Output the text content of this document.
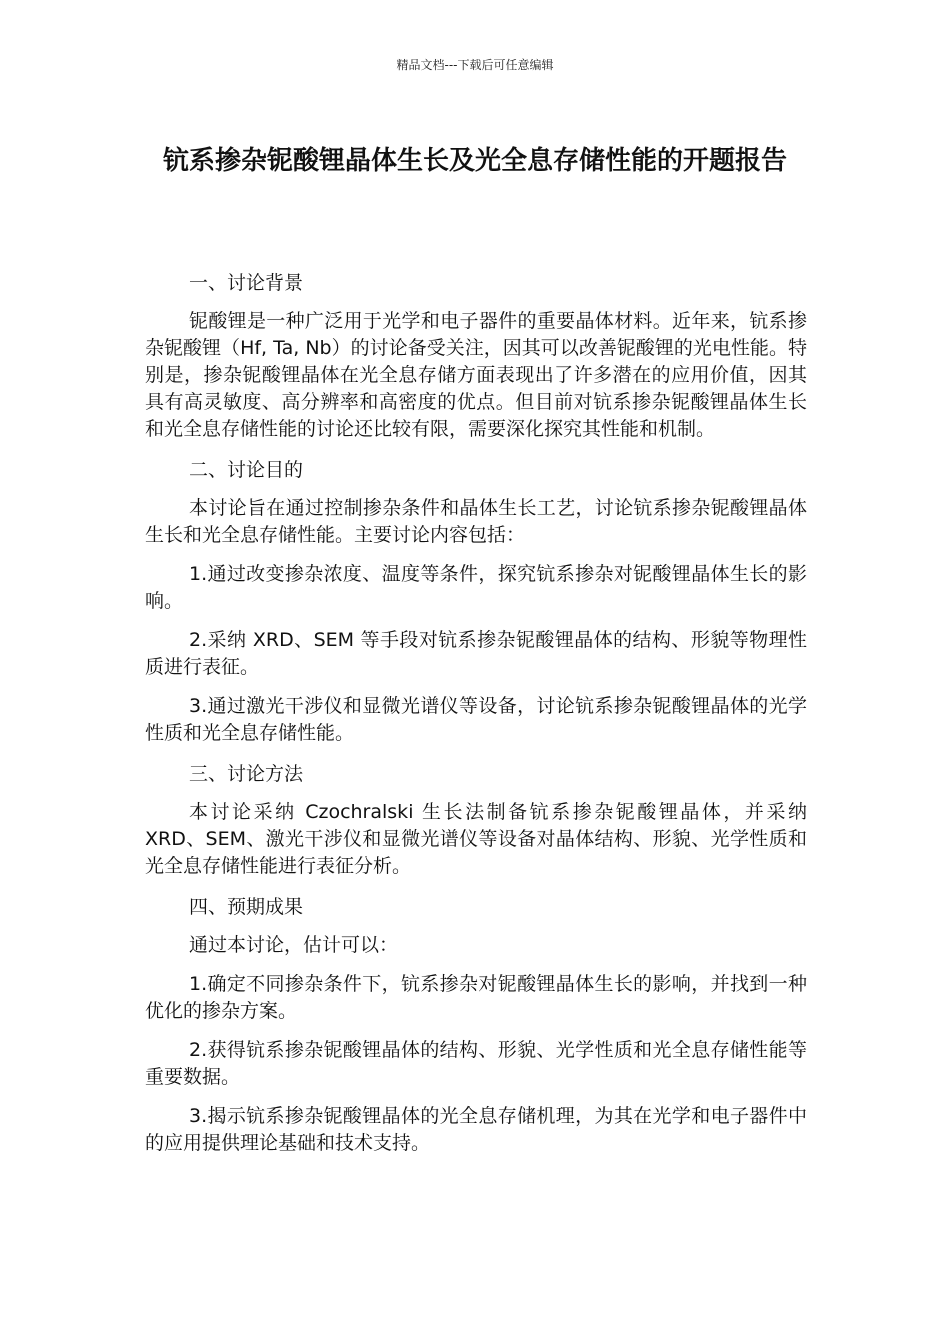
精品文档---下载后可任意编辑
钪系掺杂铌酸锂晶体生长及光全息存储性能的开题报告

一、讨论背景

铌酸锂是一种广泛用于光学和电子器件的重要晶体材料。近年来，钪系掺杂铌酸锂（Hf, Ta, Nb）的讨论备受关注，因其可以改善铌酸锂的光电性能。特别是，掺杂铌酸锂晶体在光全息存储方面表现出了许多潜在的应用价值，因其具有高灵敏度、高分辨率和高密度的优点。但目前对钪系掺杂铌酸锂晶体生长和光全息存储性能的讨论还比较有限，需要深化探究其性能和机制。

二、讨论目的

本讨论旨在通过控制掺杂条件和晶体生长工艺，讨论钪系掺杂铌酸锂晶体生长和光全息存储性能。主要讨论内容包括：

1.通过改变掺杂浓度、温度等条件，探究钪系掺杂对铌酸锂晶体生长的影响。

2.采纳 XRD、SEM 等手段对钪系掺杂铌酸锂晶体的结构、形貌等物理性质进行表征。

3.通过激光干涉仪和显微光谱仪等设备，讨论钪系掺杂铌酸锂晶体的光学性质和光全息存储性能。

三、讨论方法

本讨论采纳 Czochralski 生长法制备钪系掺杂铌酸锂晶体，并采纳 XRD、SEM、激光干涉仪和显微光谱仪等设备对晶体结构、形貌、光学性质和光全息存储性能进行表征分析。

四、预期成果

通过本讨论，估计可以：

1.确定不同掺杂条件下，钪系掺杂对铌酸锂晶体生长的影响，并找到一种优化的掺杂方案。

2.获得钪系掺杂铌酸锂晶体的结构、形貌、光学性质和光全息存储性能等重要数据。

3.揭示钪系掺杂铌酸锂晶体的光全息存储机理，为其在光学和电子器件中的应用提供理论基础和技术支持。
